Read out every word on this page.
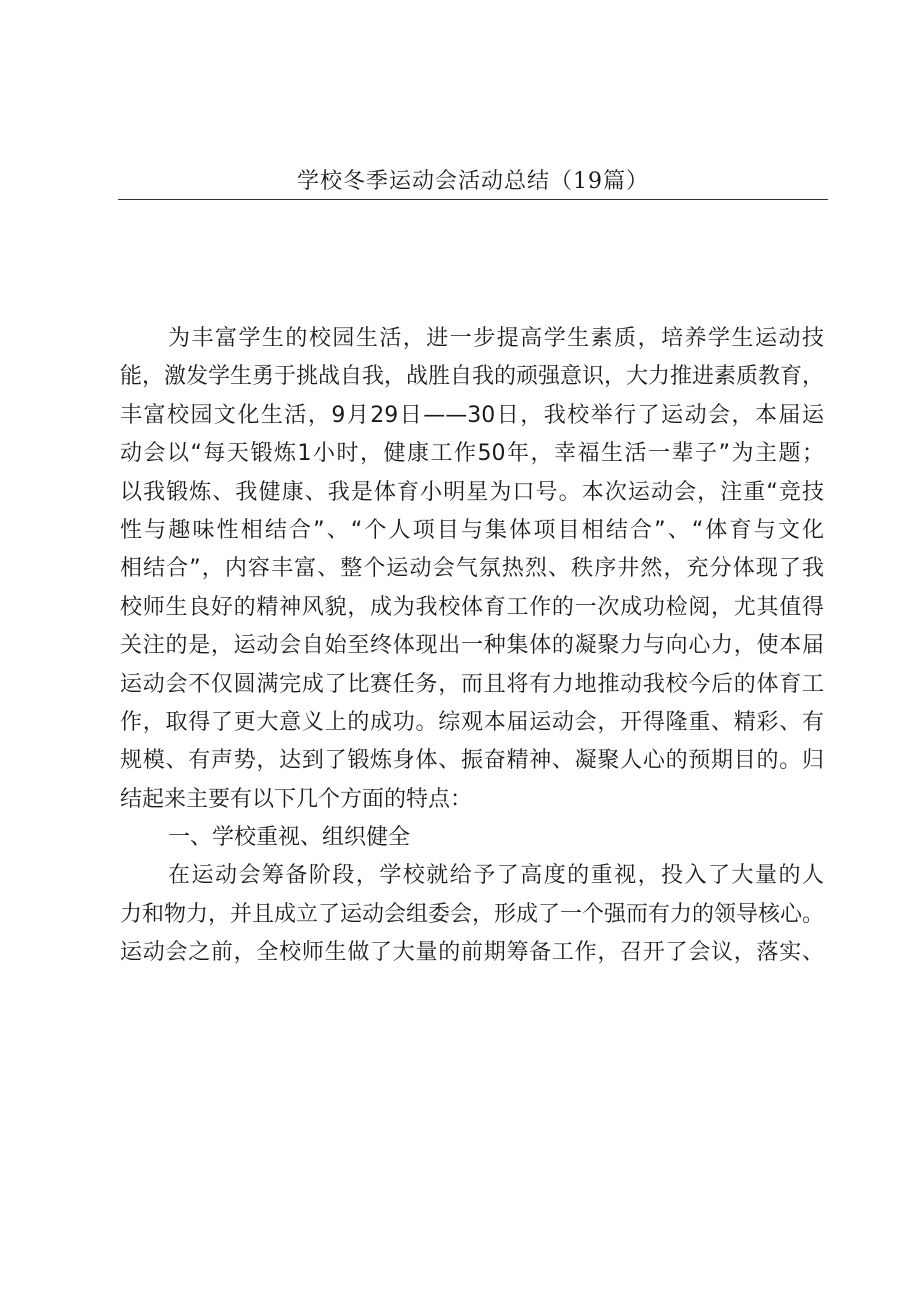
学校冬季运动会活动总结（19篇）
为丰富学生的校园生活，进一步提高学生素质，培养学生运动技
能，激发学生勇于挑战自我，战胜自我的顽强意识，大力推进素质教育，
丰富校园文化生活，9月29日——30日，我校举行了运动会，本届运
动会以“每天锻炼1小时，健康工作50年，幸福生活一辈子”为主题；
以我锻炼、我健康、我是体育小明星为口号。本次运动会，注重“竞技
性与趣味性相结合”、“个人项目与集体项目相结合”、“体育与文化
相结合”，内容丰富、整个运动会气氛热烈、秩序井然，充分体现了我
校师生良好的精神风貌，成为我校体育工作的一次成功检阅，尤其值得
关注的是，运动会自始至终体现出一种集体的凝聚力与向心力，使本届
运动会不仅圆满完成了比赛任务，而且将有力地推动我校今后的体育工
作，取得了更大意义上的成功。综观本届运动会，开得隆重、精彩、有
规模、有声势，达到了锻炼身体、振奋精神、凝聚人心的预期目的。归
结起来主要有以下几个方面的特点：
一、学校重视、组织健全
在运动会筹备阶段，学校就给予了高度的重视，投入了大量的人
力和物力，并且成立了运动会组委会，形成了一个强而有力的领导核心。
运动会之前，全校师生做了大量的前期筹备工作，召开了会议，落实、
